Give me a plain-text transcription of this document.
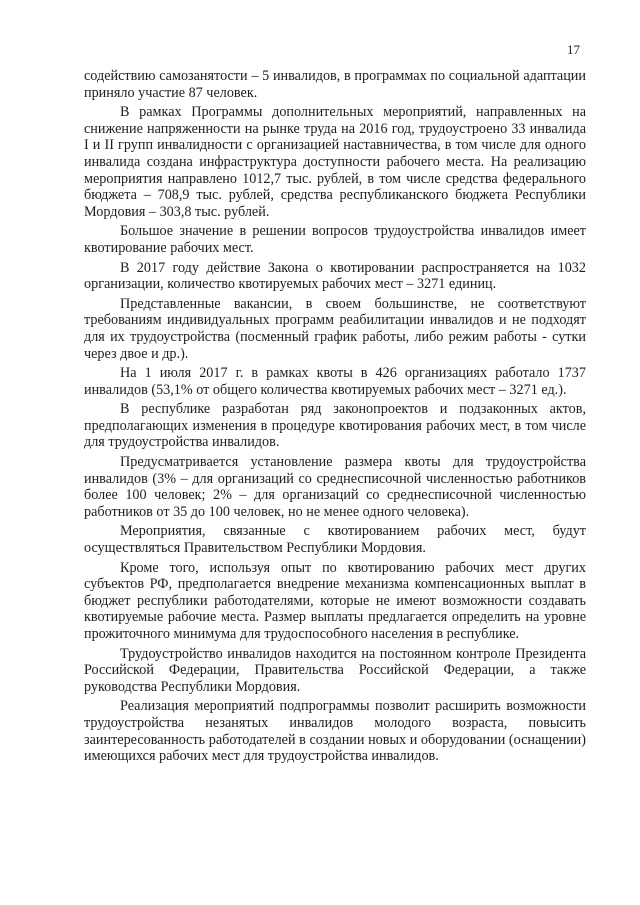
17

содействию самозанятости – 5 инвалидов, в программах по социальной адаптации приняло участие 87 человек.

В рамках Программы дополнительных мероприятий, направленных на снижение напряженности на рынке труда на 2016 год, трудоустроено 33 инвалида I и II групп инвалидности с организацией наставничества, в том числе для одного инвалида создана инфраструктура доступности рабочего места. На реализацию мероприятия направлено 1012,7 тыс. рублей, в том числе средства федерального бюджета – 708,9 тыс. рублей, средства республиканского бюджета Республики Мордовия – 303,8 тыс. рублей.

Большое значение в решении вопросов трудоустройства инвалидов имеет квотирование рабочих мест.

В 2017 году действие Закона о квотировании распространяется на 1032 организации, количество квотируемых рабочих мест – 3271 единиц.

Представленные вакансии, в своем большинстве, не соответствуют требованиям индивидуальных программ реабилитации инвалидов и не подходят для их трудоустройства (посменный график работы, либо режим работы - сутки через двое и др.).

На 1 июля 2017 г. в рамках квоты в 426 организациях работало 1737 инвалидов (53,1% от общего количества квотируемых рабочих мест – 3271 ед.).

В республике разработан ряд законопроектов и подзаконных актов, предполагающих изменения в процедуре квотирования рабочих мест, в том числе для трудоустройства инвалидов.

Предусматривается установление размера квоты для трудоустройства инвалидов (3% – для организаций со среднесписочной численностью работников более 100 человек; 2% – для организаций со среднесписочной численностью работников от 35 до 100 человек, но не менее одного человека).

Мероприятия, связанные с квотированием рабочих мест, будут осуществляться Правительством Республики Мордовия.

Кроме того, используя опыт по квотированию рабочих мест других субъектов РФ, предполагается внедрение механизма компенсационных выплат в бюджет республики работодателями, которые не имеют возможности создавать квотируемые рабочие места. Размер выплаты предлагается определить на уровне прожиточного минимума для трудоспособного населения в республике.

Трудоустройство инвалидов находится на постоянном контроле Президента Российской Федерации, Правительства Российской Федерации, а также руководства Республики Мордовия.

Реализация мероприятий подпрограммы позволит расширить возможности трудоустройства незанятых инвалидов молодого возраста, повысить заинтересованность работодателей в создании новых и оборудовании (оснащении) имеющихся рабочих мест для трудоустройства инвалидов.
